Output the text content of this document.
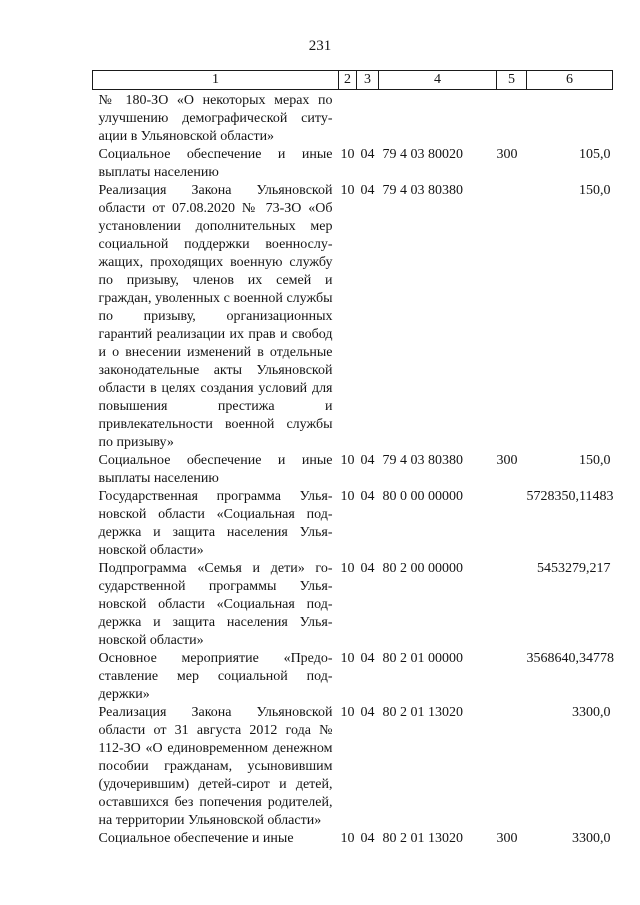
231
1	2	3	4	5	6
№ 180-ЗО «О некоторых мерах по улучшению демографической ситуации в Ульяновской области»					
Социальное обеспечение и иные выплаты населению	10	04	79 4 03 80020	300	105,0
Реализация Закона Ульяновской области от 07.08.2020 № 73-ЗО «Об установлении дополнительных мер социальной поддержки военнослужащих, проходящих военную службу по призыву, членов их семей и граждан, уволенных с военной службы по призыву, организационных гарантий реализации их прав и свобод и о внесении изменений в отдельные законодательные акты Ульяновской области в целях создания условий для повышения престижа и привлекательности военной службы по призыву»	10	04	79 4 03 80380		150,0
Социальное обеспечение и иные выплаты населению	10	04	79 4 03 80380	300	150,0
Государственная программа Ульяновской области «Социальная поддержка и защита населения Ульяновской области»	10	04	80 0 00 00000		5728350,11483
Подпрограмма «Семья и дети» государственной программы Ульяновской области «Социальная поддержка и защита населения Ульяновской области»	10	04	80 2 00 00000		5453279,217
Основное мероприятие «Предоставление мер социальной поддержки»	10	04	80 2 01 00000		3568640,34778
Реализация Закона Ульяновской области от 31 августа 2012 года № 112-ЗО «О единовременном денежном пособии гражданам, усыновившим (удочерившим) детей-сирот и детей, оставшихся без попечения родителей, на территории Ульяновской области»	10	04	80 2 01 13020		3300,0
Социальное обеспечение и иные	10	04	80 2 01 13020	300	3300,0
